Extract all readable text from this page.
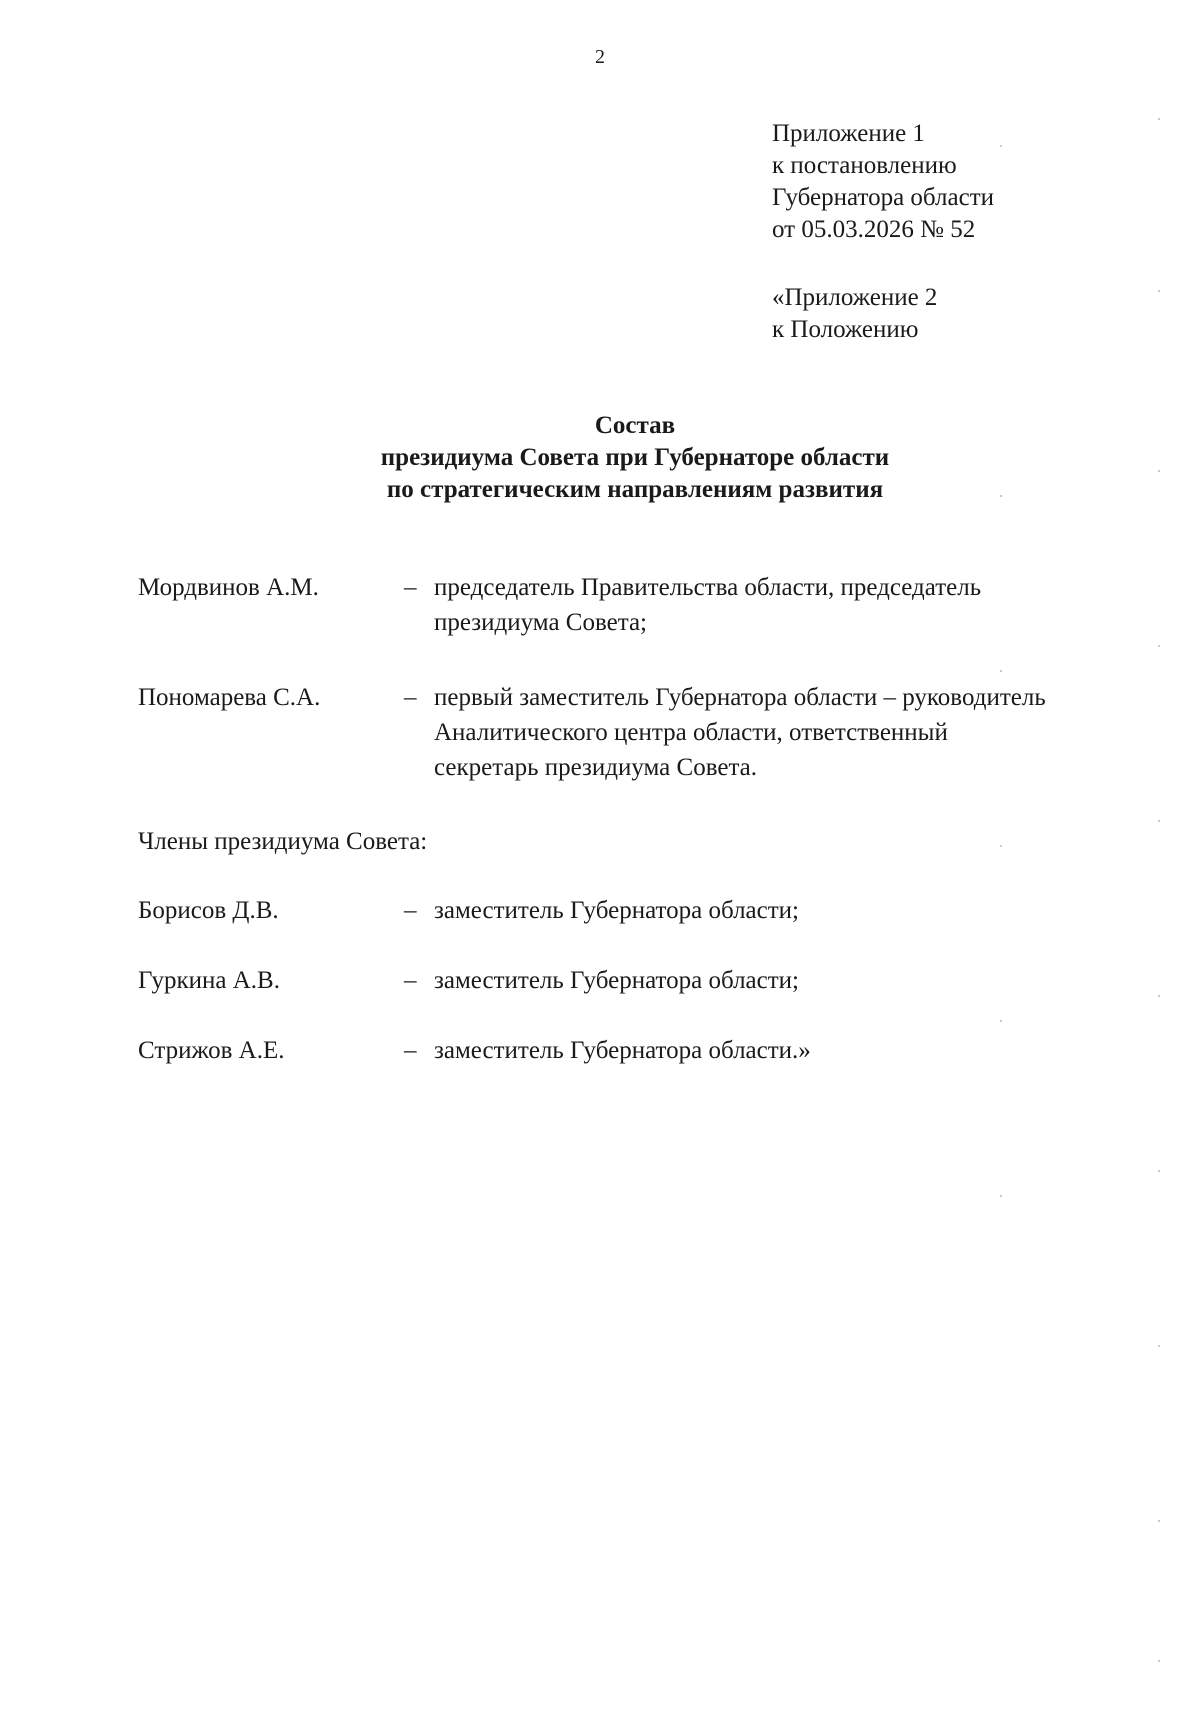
2
Приложение 1
к постановлению
Губернатора области
от 05.03.2026 № 52
«Приложение 2
к Положению
Состав
президиума Совета при Губернаторе области
по стратегическим направлениям развития
Мордвинов А.М.	– председатель Правительства области, председатель
президиума Совета;
Пономарева С.А.	– первый заместитель Губернатора области – руководитель
Аналитического центра области, ответственный
секретарь президиума Совета.
Члены президиума Совета:
Борисов Д.В.	– заместитель Губернатора области;
Гуркина А.В.	– заместитель Губернатора области;
Стрижов А.Е.	– заместитель Губернатора области.»
